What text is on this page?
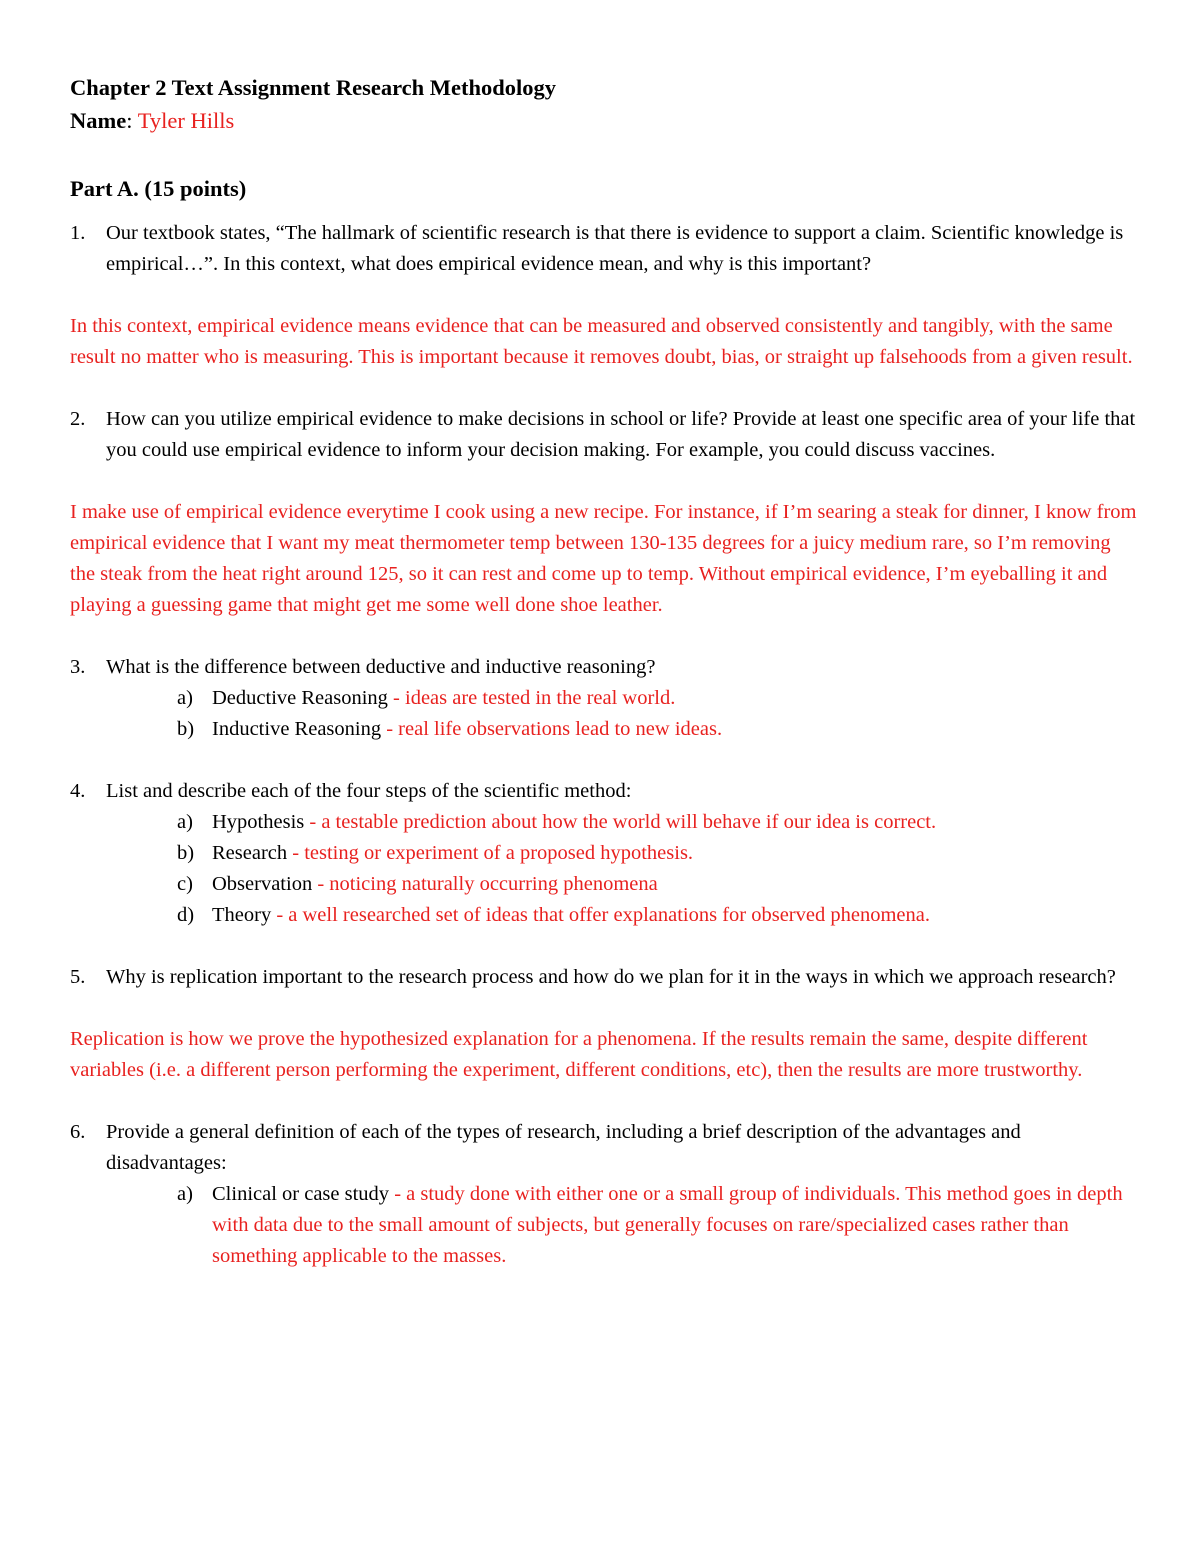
Chapter 2 Text Assignment Research Methodology

Name: Tyler Hills

Part A. (15 points)

1. Our textbook states, “The hallmark of scientific research is that there is evidence to support a claim. Scientific knowledge is empirical…”. In this context, what does empirical evidence mean, and why is this important?

In this context, empirical evidence means evidence that can be measured and observed consistently and tangibly, with the same result no matter who is measuring. This is important because it removes doubt, bias, or straight up falsehoods from a given result.

2. How can you utilize empirical evidence to make decisions in school or life? Provide at least one specific area of your life that you could use empirical evidence to inform your decision making. For example, you could discuss vaccines.

I make use of empirical evidence everytime I cook using a new recipe. For instance, if I’m searing a steak for dinner, I know from empirical evidence that I want my meat thermometer temp between 130-135 degrees for a juicy medium rare, so I’m removing the steak from the heat right around 125, so it can rest and come up to temp. Without empirical evidence, I’m eyeballing it and playing a guessing game that might get me some well done shoe leather.

3. What is the difference between deductive and inductive reasoning?
a) Deductive Reasoning - ideas are tested in the real world.
b) Inductive Reasoning - real life observations lead to new ideas.
4. List and describe each of the four steps of the scientific method:
a) Hypothesis - a testable prediction about how the world will behave if our idea is correct.
b) Research - testing or experiment of a proposed hypothesis.
c) Observation - noticing naturally occurring phenomena
d) Theory - a well researched set of ideas that offer explanations for observed phenomena.
5. Why is replication important to the research process and how do we plan for it in the ways in which we approach research?

Replication is how we prove the hypothesized explanation for a phenomena. If the results remain the same, despite different variables (i.e. a different person performing the experiment, different conditions, etc), then the results are more trustworthy.

6. Provide a general definition of each of the types of research, including a brief description of the advantages and disadvantages:
a) Clinical or case study - a study done with either one or a small group of individuals. This method goes in depth with data due to the small amount of subjects, but generally focuses on rare/specialized cases rather than something applicable to the masses.
